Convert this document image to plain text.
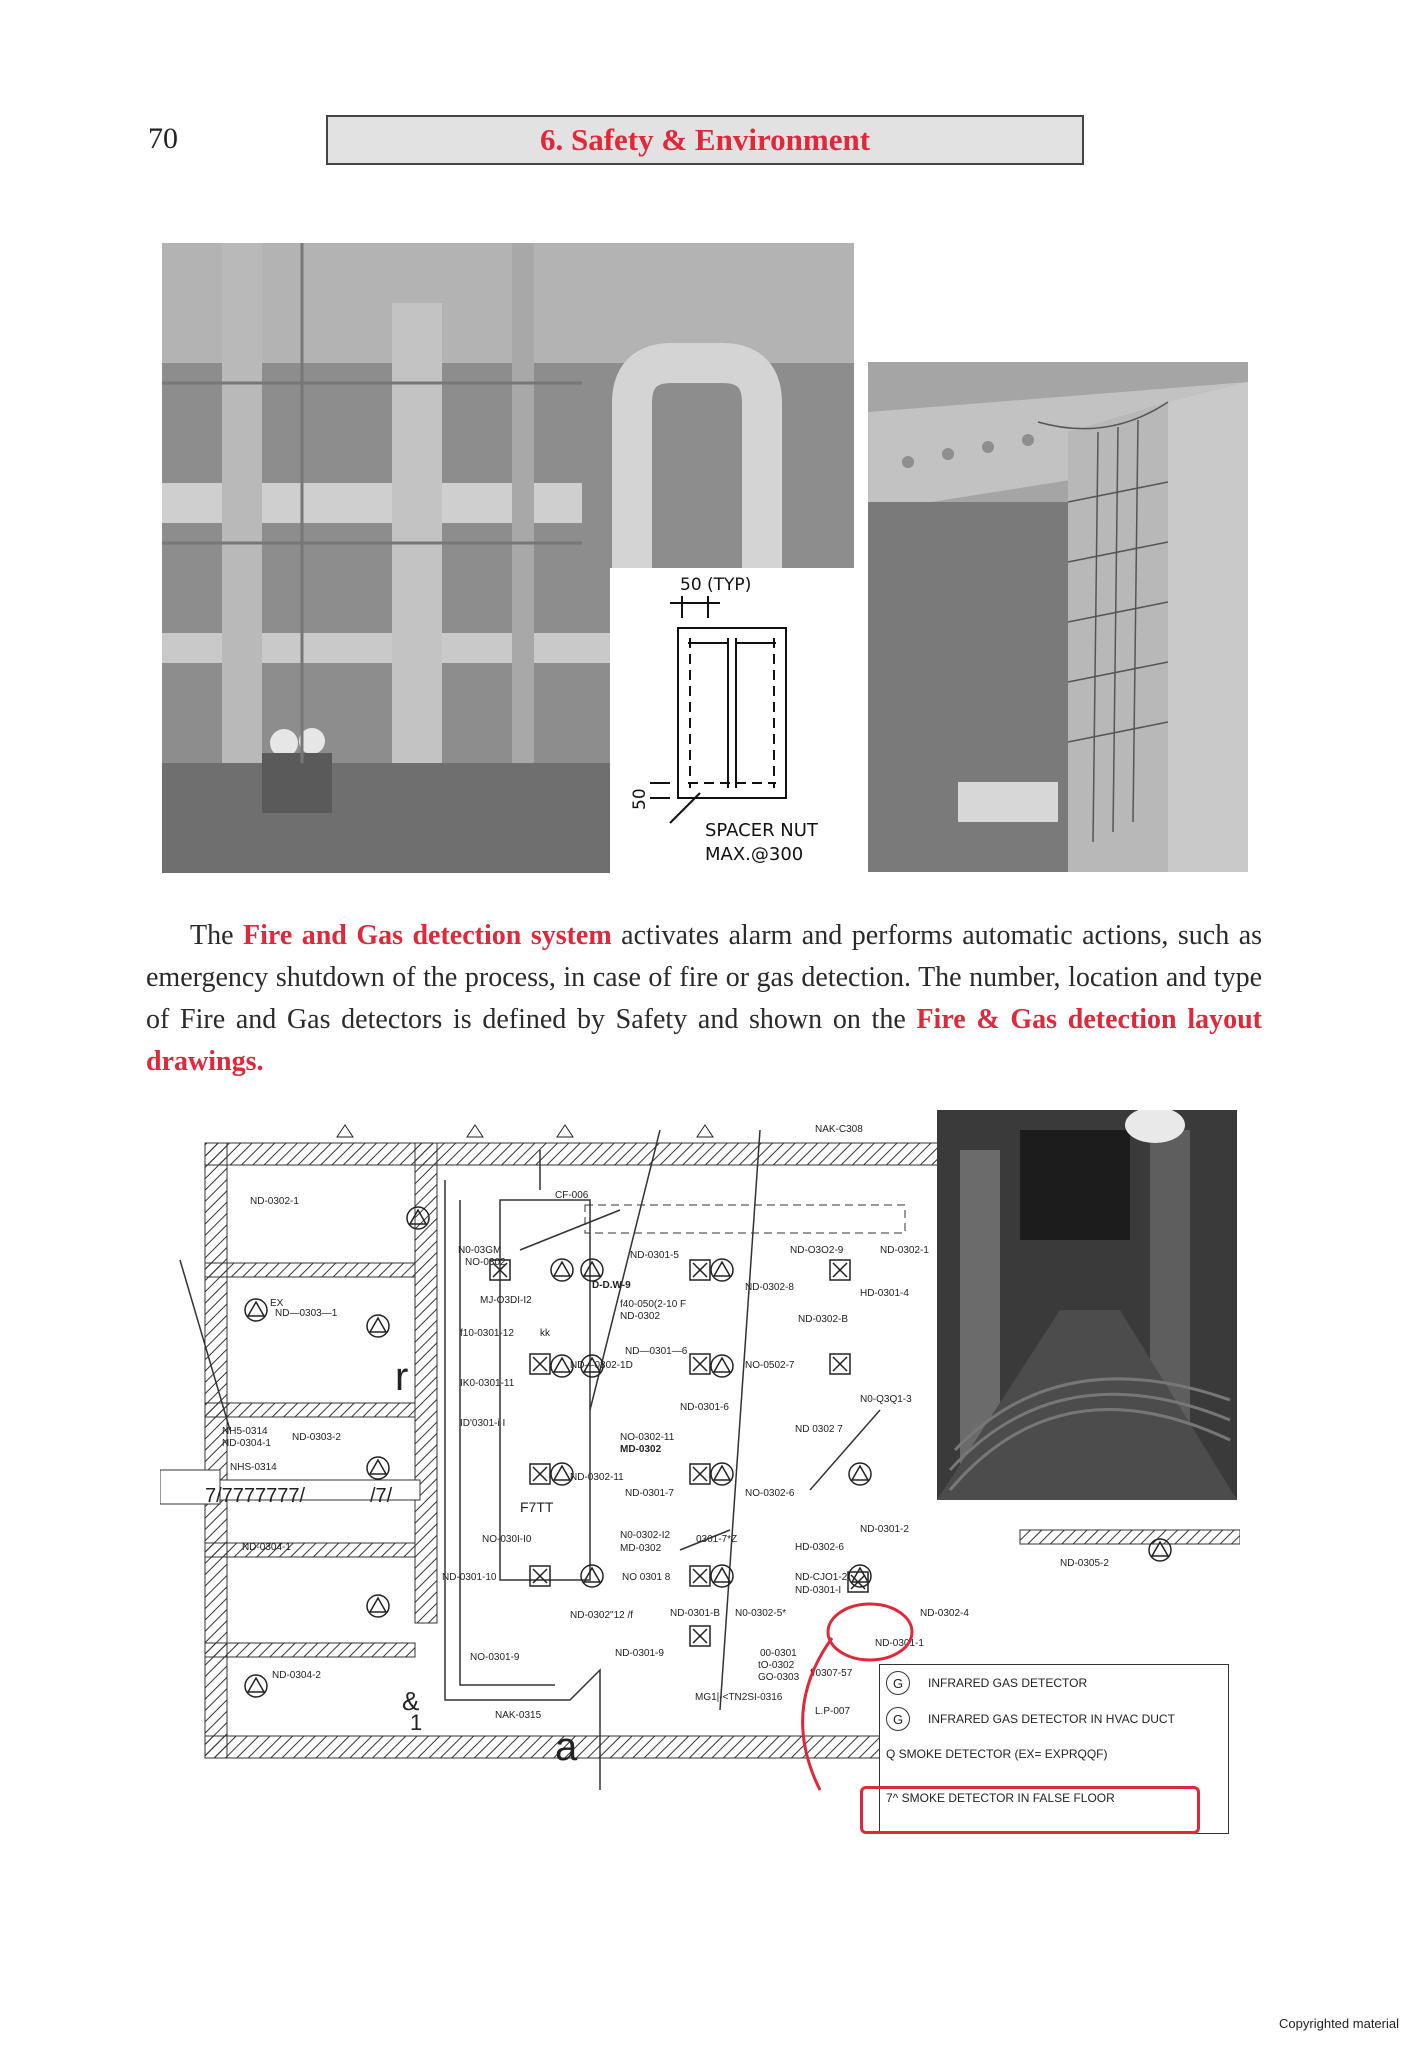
70	6. Safety & Environment
50 (TYP)
50
SPACER NUT
MAX.@300
The Fire and Gas detection system activates alarm and performs automatic actions, such as emergency shutdown of the process, in case of fire or gas detection. The number, location and type of Fire and Gas detectors is defined by Safety and shown on the Fire & Gas detection layout drawings.
NAK-C308
ND-0302-1
CF-006
N0-03GM
NO-0302
ND-0301-5	ND-O3O2-9	ND-0302-1
MJ-O3DI-I2
D-D.W-9
f40-050(2-10 F
ND-0302
ND-0302-8
HD-0301-4
ND—0303—1
EX
f10-0301-12	kk
ND—0301—6
ND-0302-B
ND—0302-1D	NO-0502-7
IK0-0301-11
ND-0301-6
N0-Q3Q1-3
r
NH5-0314
ND-0304-1
ND-0303-2
ID'0301-i I
NO-0302-11
MD-0302
ND 0302 7
NHS-0314
ND-0302-11
7/7777777/	/7/	ND-0301-7	NO-0302-6
F7TT
ND-0304-1
NO-030I-I0	N0-0302-I2
MD-0302
0301-7*Z
ND-0301-2
HD-0302-6
ND-0301-10	NO 0301 8	ND-CJO1-2
ND-0301-I
ND-0305-2
ND-0302"12 /f	ND-0301-B N0-0302-5*	ND-0302-4
NO-0301-9	ND-0301-9	00-0301
tO-0302
GO-0303 f/0307-57
ND-0301-1
ND-0304-2
&
1	NAK-0315
MG1|-<TN2SI-0316
L.P-007
a
G	INFRARED GAS DETECTOR
G	INFRARED GAS DETECTOR IN HVAC DUCT
Q SMOKE DETECTOR (EX= EXPRQQF)
7^ SMOKE DETECTOR IN FALSE FLOOR
Copyrighted material
